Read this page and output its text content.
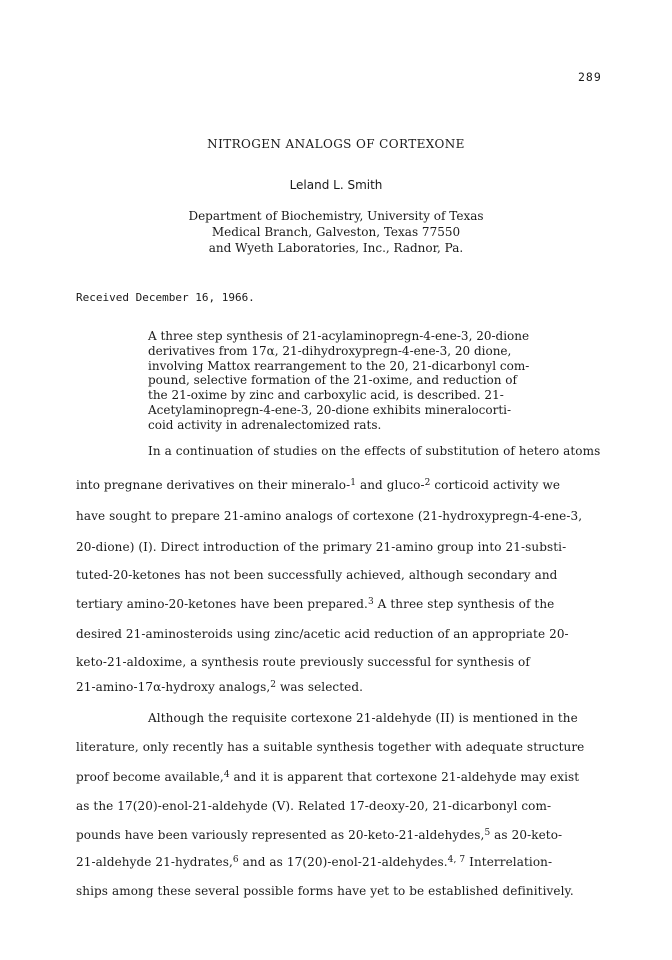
289
NITROGEN ANALOGS OF CORTEXONE
Leland L. Smith
Department of Biochemistry, University of Texas
Medical Branch, Galveston, Texas 77550
and Wyeth Laboratories, Inc., Radnor, Pa.
Received December 16, 1966.
A three step synthesis of 21-acylaminopregn-4-ene-3, 20-dione
derivatives from 17α, 21-dihydroxypregn-4-ene-3, 20 dione,
involving Mattox rearrangement to the 20, 21-dicarbonyl com-
pound, selective formation of the 21-oxime, and reduction of
the 21-oxime by zinc and carboxylic acid, is described. 21-
Acetylaminopregn-4-ene-3, 20-dione exhibits mineralocorti-
coid activity in adrenalectomized rats.
In a continuation of studies on the effects of substitution of hetero atoms
into pregnane derivatives on their mineralo-$^1$ and gluco-$^2$ corticoid activity we
have sought to prepare 21-amino analogs of cortexone (21-hydroxypregn-4-ene-3,
20-dione) (I). Direct introduction of the primary 21-amino group into 21-substi-
tuted-20-ketones has not been successfully achieved, although secondary and
tertiary amino-20-ketones have been prepared.$^3$ A three step synthesis of the
desired 21-aminosteroids using zinc/acetic acid reduction of an appropriate 20-
keto-21-aldoxime, a synthesis route previously successful for synthesis of
21-amino-17α-hydroxy analogs,$^2$ was selected.
Although the requisite cortexone 21-aldehyde (II) is mentioned in the
literature, only recently has a suitable synthesis together with adequate structure
proof become available,$^4$ and it is apparent that cortexone 21-aldehyde may exist
as the 17(20)-enol-21-aldehyde (V). Related 17-deoxy-20, 21-dicarbonyl com-
pounds have been variously represented as 20-keto-21-aldehydes,$^5$ as 20-keto-
21-aldehyde 21-hydrates,$^6$ and as 17(20)-enol-21-aldehydes.$^{4, 7}$ Interrelation-
ships among these several possible forms have yet to be established definitively.
